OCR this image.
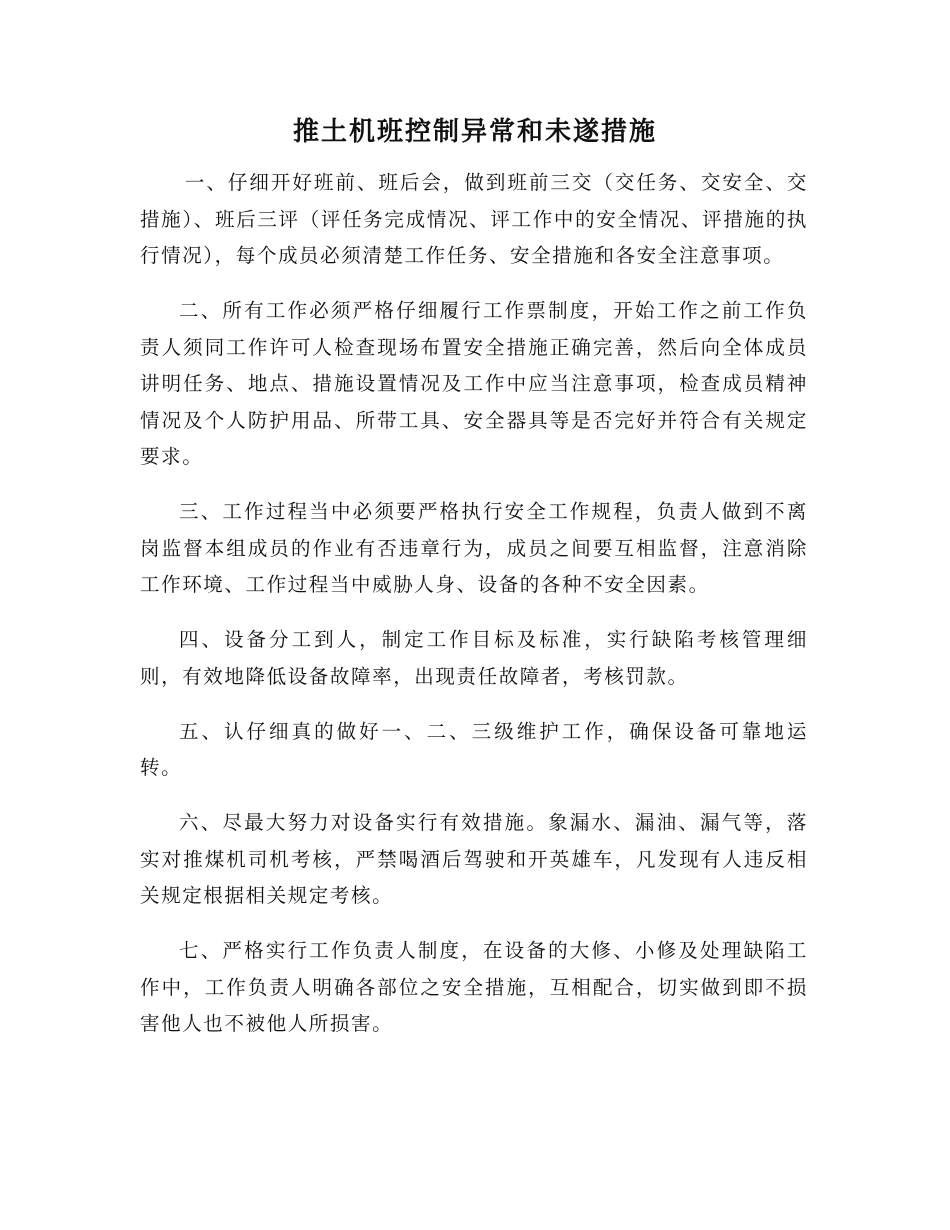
推土机班控制异常和未遂措施

一、仔细开好班前、班后会，做到班前三交（交任务、交安全、交措施）、班后三评（评任务完成情况、评工作中的安全情况、评措施的执行情况），每个成员必须清楚工作任务、安全措施和各安全注意事项。

二、所有工作必须严格仔细履行工作票制度，开始工作之前工作负责人须同工作许可人检查现场布置安全措施正确完善，然后向全体成员讲明任务、地点、措施设置情况及工作中应当注意事项，检查成员精神情况及个人防护用品、所带工具、安全器具等是否完好并符合有关规定要求。

三、工作过程当中必须要严格执行安全工作规程，负责人做到不离岗监督本组成员的作业有否违章行为，成员之间要互相监督，注意消除工作环境、工作过程当中威胁人身、设备的各种不安全因素。

四、设备分工到人，制定工作目标及标准，实行缺陷考核管理细则，有效地降低设备故障率，出现责任故障者，考核罚款。

五、认仔细真的做好一、二、三级维护工作，确保设备可靠地运转。

六、尽最大努力对设备实行有效措施。象漏水、漏油、漏气等，落实对推煤机司机考核，严禁喝酒后驾驶和开英雄车，凡发现有人违反相关规定根据相关规定考核。

七、严格实行工作负责人制度，在设备的大修、小修及处理缺陷工作中，工作负责人明确各部位之安全措施，互相配合，切实做到即不损害他人也不被他人所损害。
